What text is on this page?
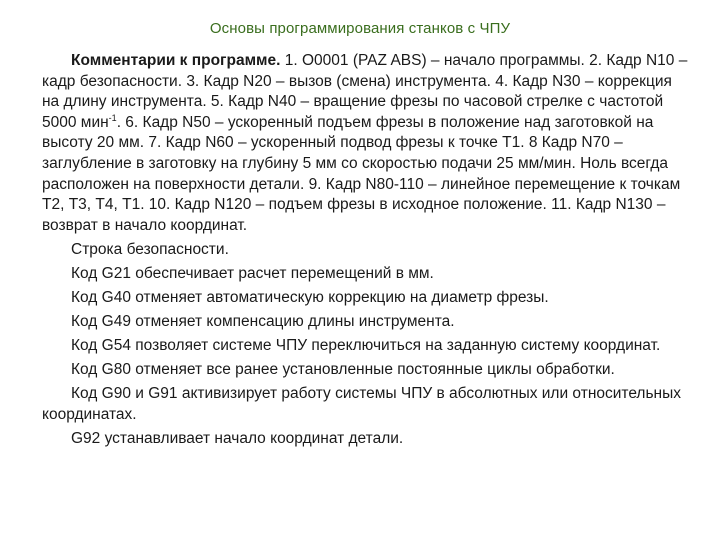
Основы программирования станков с ЧПУ

Комментарии к программе. 1. O0001 (PAZ ABS) – начало программы. 2. Кадр N10 – кадр безопасности. 3. Кадр N20 – вызов (смена) инструмента. 4. Кадр N30 – коррекция на длину инструмента. 5. Кадр N40 – вращение фрезы по часовой стрелке с частотой 5000 мин$^{-1}$. 6. Кадр N50 – ускоренный подъем фрезы в положение над заготовкой на высоту 20 мм. 7. Кадр N60 – ускоренный подвод фрезы к точке Т1. 8 Кадр N70 – заглубление в заготовку на глубину 5 мм со скоростью подачи 25 мм/мин. Ноль всегда расположен на поверхности детали. 9. Кадр N80-110 – линейное перемещение к точкам Т2, Т3, Т4, Т1. 10. Кадр N120 – подъем фрезы в исходное положение. 11. Кадр N130 – возврат в начало координат.

Строка безопасности.

Код G21 обеспечивает расчет перемещений в мм.

Код G40 отменяет автоматическую коррекцию на диаметр фрезы.

Код G49 отменяет компенсацию длины инструмента.

Код G54 позволяет системе ЧПУ переключиться на заданную систему координат.

Код G80 отменяет все ранее установленные постоянные циклы обработки.

Код G90 и G91 активизирует работу системы ЧПУ в абсолютных или относительных координатах.

G92 устанавливает начало координат детали.
